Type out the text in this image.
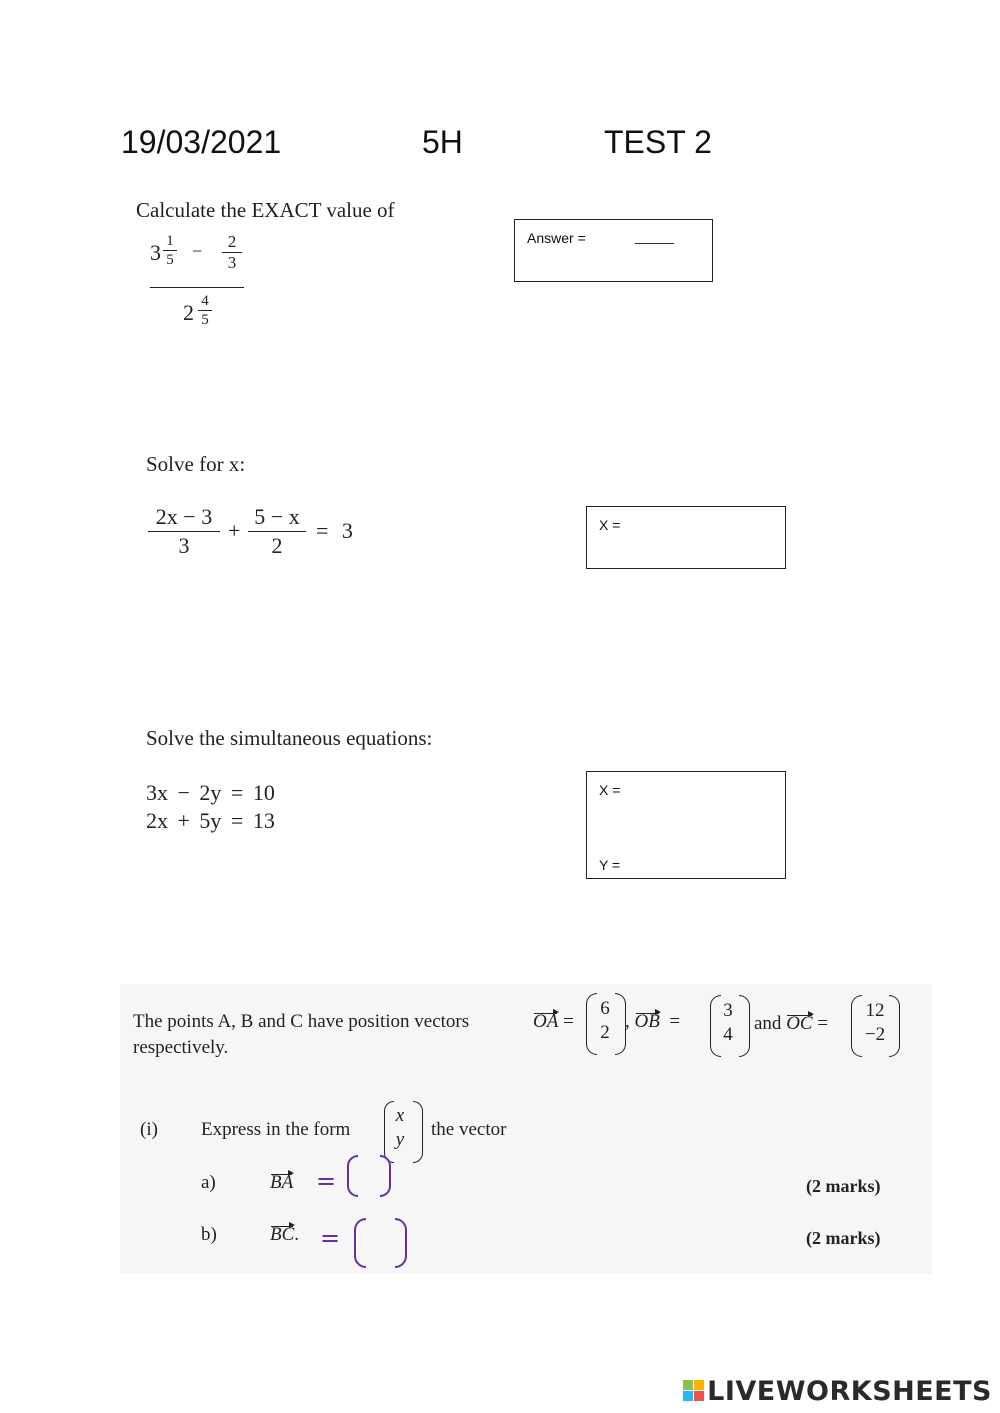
19/03/2021	5H	TEST 2
Calculate the EXACT value of
3 1
5 −	2
3
2 4
5
Answer =	_____
Solve for x:
2x − 3
3
+
5 − x
2
= 3	X =
Solve the simultaneous equations:
3x − 2y = 10
2x + 5y = 13
X =
Y =
The points A, B and C have position vectors
respectively.
OA =
6
2
, OB  =
3
4
and OC =
12
−2
(i) Express in the form
x
y the vector
a)	BA =	(2 marks)
b)	BC. =	(2 marks)
LIVEWORKSHEETS
